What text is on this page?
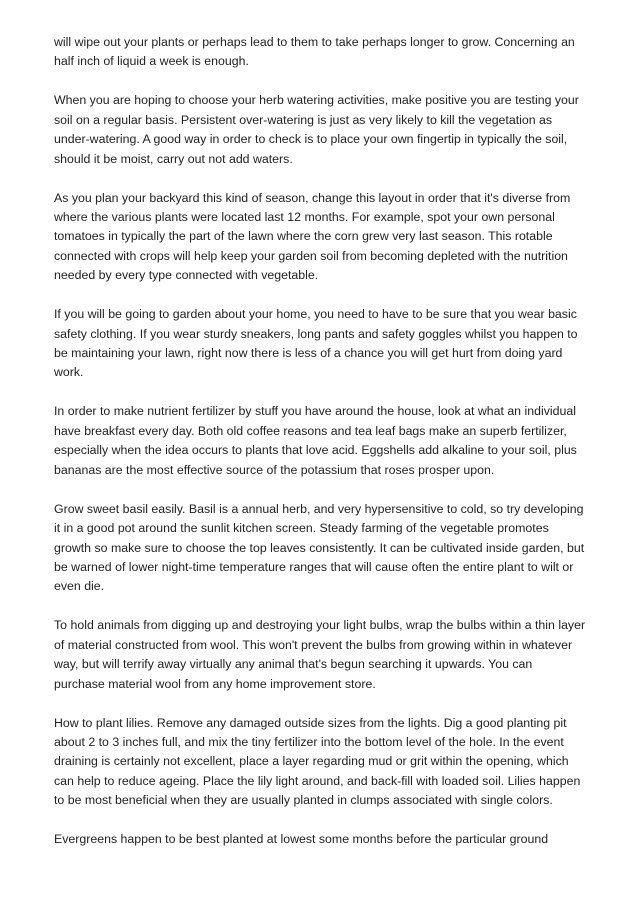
will wipe out your plants or perhaps lead to them to take perhaps longer to grow. Concerning an half inch of liquid a week is enough.

When you are hoping to choose your herb watering activities, make positive you are testing your soil on a regular basis. Persistent over-watering is just as very likely to kill the vegetation as under-watering. A good way in order to check is to place your own fingertip in typically the soil, should it be moist, carry out not add waters.

As you plan your backyard this kind of season, change this layout in order that it's diverse from where the various plants were located last 12 months. For example, spot your own personal tomatoes in typically the part of the lawn where the corn grew very last season. This rotable connected with crops will help keep your garden soil from becoming depleted with the nutrition needed by every type connected with vegetable.

If you will be going to garden about your home, you need to have to be sure that you wear basic safety clothing. If you wear sturdy sneakers, long pants and safety goggles whilst you happen to be maintaining your lawn, right now there is less of a chance you will get hurt from doing yard work.

In order to make nutrient fertilizer by stuff you have around the house, look at what an individual have breakfast every day. Both old coffee reasons and tea leaf bags make an superb fertilizer, especially when the idea occurs to plants that love acid. Eggshells add alkaline to your soil, plus bananas are the most effective source of the potassium that roses prosper upon.

Grow sweet basil easily. Basil is a annual herb, and very hypersensitive to cold, so try developing it in a good pot around the sunlit kitchen screen. Steady farming of the vegetable promotes growth so make sure to choose the top leaves consistently. It can be cultivated inside garden, but be warned of lower night-time temperature ranges that will cause often the entire plant to wilt or even die.

To hold animals from digging up and destroying your light bulbs, wrap the bulbs within a thin layer of material constructed from wool. This won't prevent the bulbs from growing within in whatever way, but will terrify away virtually any animal that's begun searching it upwards. You can purchase material wool from any home improvement store.

How to plant lilies. Remove any damaged outside sizes from the lights. Dig a good planting pit about 2 to 3 inches full, and mix the tiny fertilizer into the bottom level of the hole. In the event draining is certainly not excellent, place a layer regarding mud or grit within the opening, which can help to reduce ageing. Place the lily light around, and back-fill with loaded soil. Lilies happen to be most beneficial when they are usually planted in clumps associated with single colors.

Evergreens happen to be best planted at lowest some months before the particular ground
